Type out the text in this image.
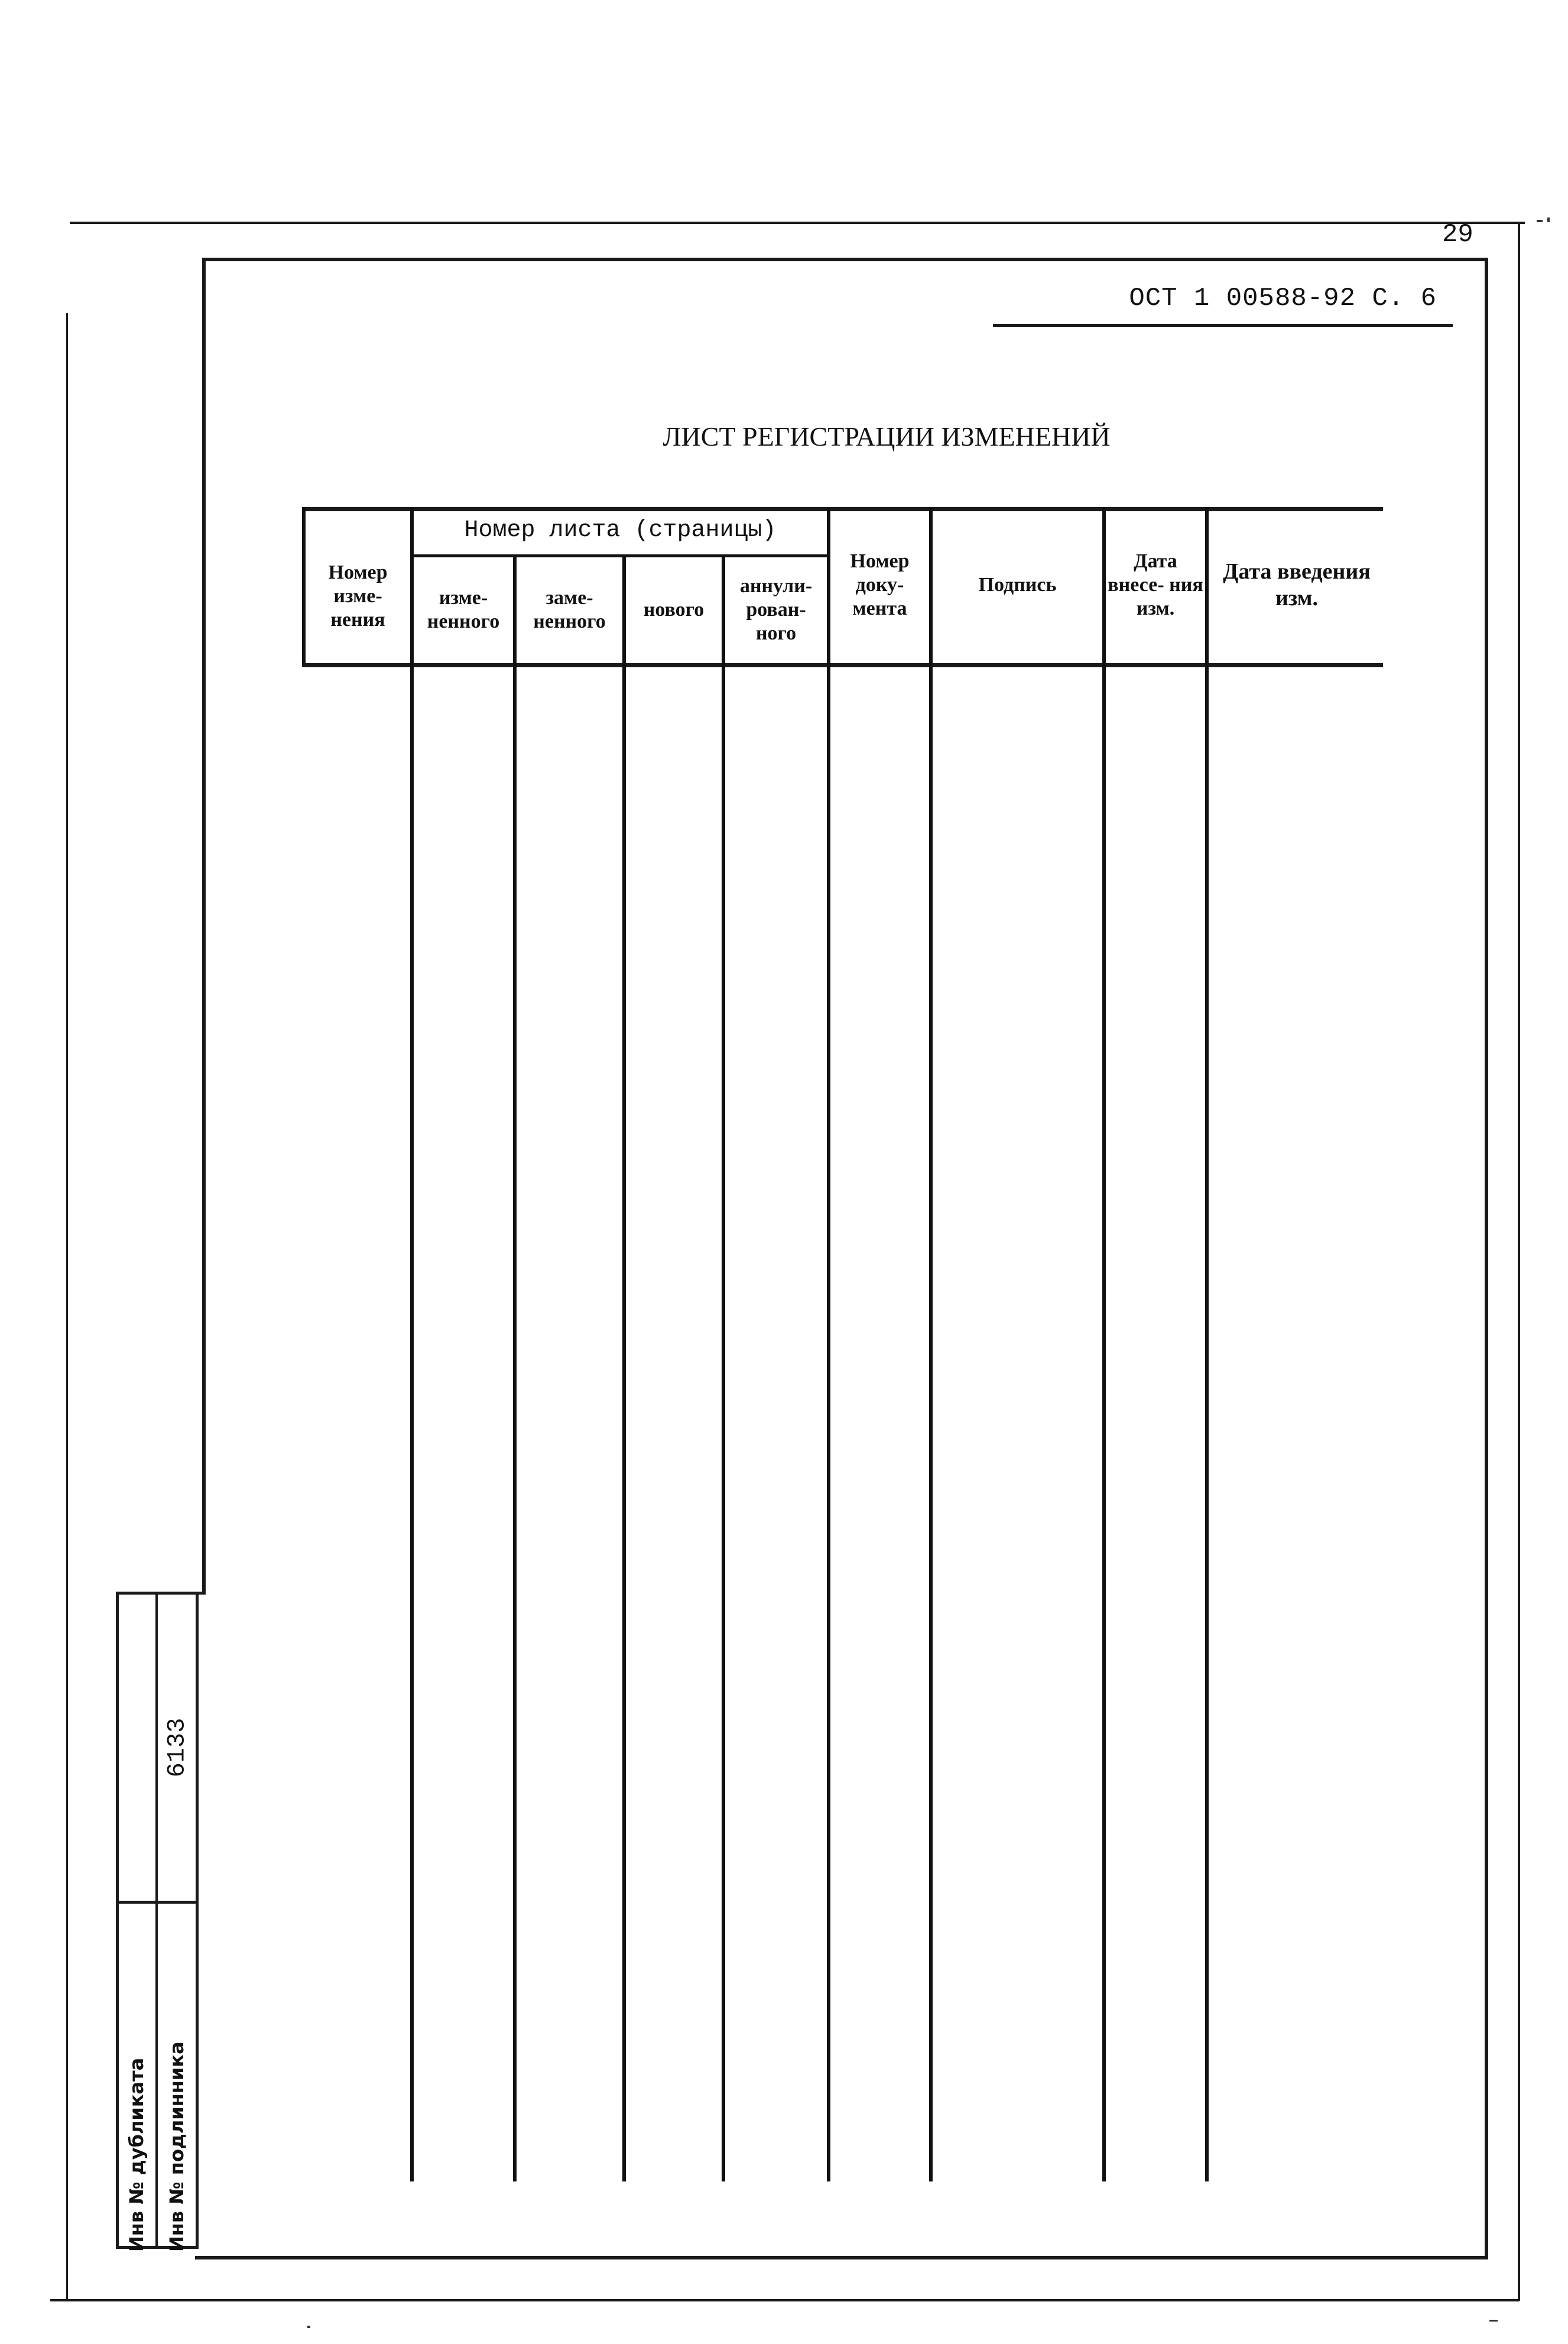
29
ОСТ 1 00588-92 С. 6
ЛИСТ РЕГИСТРАЦИИ ИЗМЕНЕНИЙ
Номер изме- нения	Номер листа (страницы)				Номер доку- мента	Подпись	Дата внесе- ния изм.	Дата введения изм.
	изме- ненного	заме- ненного	нового	аннули- рован- ного				

6133
Инв № дубликата Инв № подлинника
